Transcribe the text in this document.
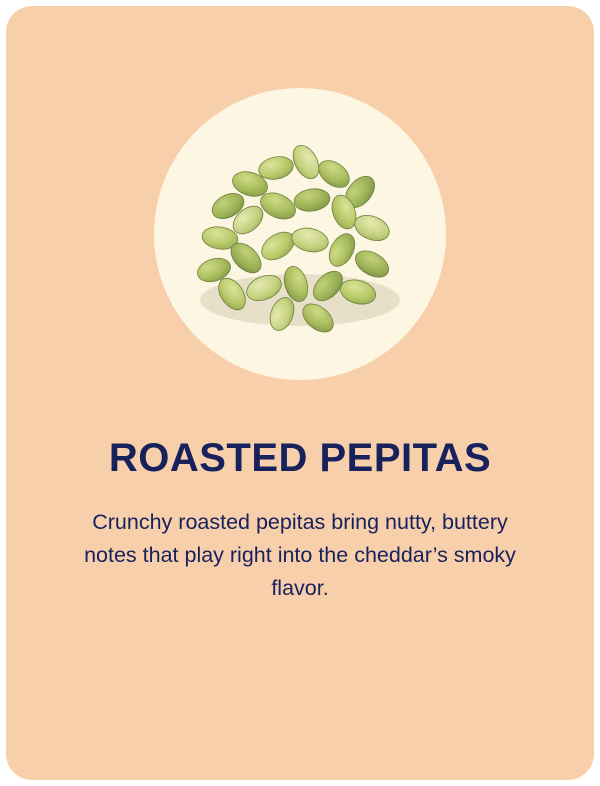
ROASTED PEPITAS
Crunchy roasted pepitas bring nutty, buttery notes that play right into the cheddar’s smoky flavor.
